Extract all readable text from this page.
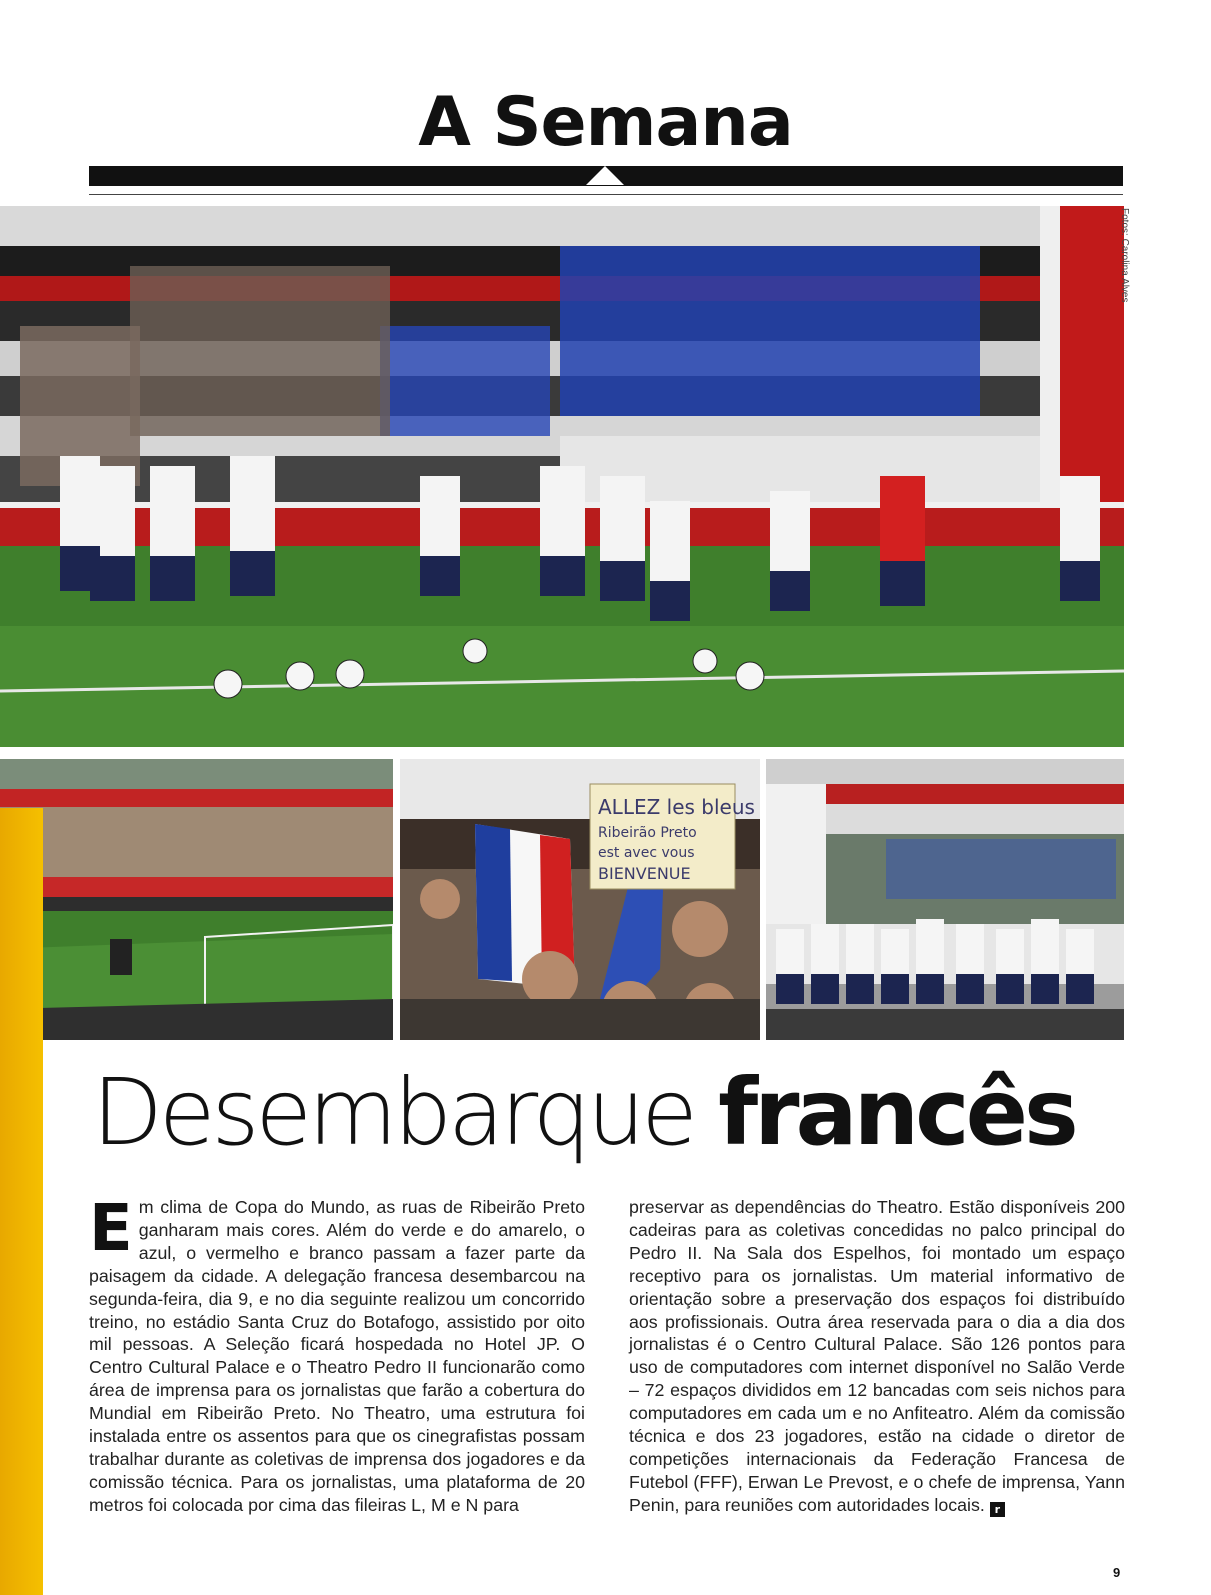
A Semana
Fotos: Carolina Alves
ALLEZ les bleus
Ribeirão Preto
est avec vous
BIENVENUE
Desembarque francês
Em clima de Copa do Mundo, as ruas de Ribeirão Preto ganharam mais cores. Além do verde e do amarelo, o azul, o vermelho e branco passam a fazer parte da paisagem da cidade. A delegação francesa desembarcou na segunda-feira, dia 9, e no dia seguinte realizou um concorrido treino, no estádio Santa Cruz do Botafogo, assistido por oito mil pessoas. A Seleção ficará hospedada no Hotel JP. O Centro Cultural Palace e o Theatro Pedro II funcionarão como área de imprensa para os jornalistas que farão a cobertura do Mundial em Ribeirão Preto. No Theatro, uma estrutura foi instalada entre os assentos para que os cinegrafistas possam trabalhar durante as coletivas de imprensa dos jogadores e da comissão técnica. Para os jornalistas, uma plataforma de 20 metros foi colocada por cima das fileiras L, M e N para
preservar as dependências do Theatro. Estão disponíveis 200 cadeiras para as coletivas concedidas no palco principal do Pedro II. Na Sala dos Espelhos, foi montado um espaço receptivo para os jornalistas. Um material informativo de orientação sobre a preservação dos espaços foi distribuído aos profissionais. Outra área reservada para o dia a dia dos jornalistas é o Centro Cultural Palace. São 126 pontos para uso de computadores com internet disponível no Salão Verde – 72 espaços divididos em 12 bancadas com seis nichos para computadores em cada um e no Anfiteatro. Além da comissão técnica e dos 23 jogadores, estão na cidade o diretor de competições internacionais da Federação Francesa de Futebol (FFF), Erwan Le Prevost, e o chefe de imprensa, Yann Penin, para reuniões com autoridades locais. r
9
